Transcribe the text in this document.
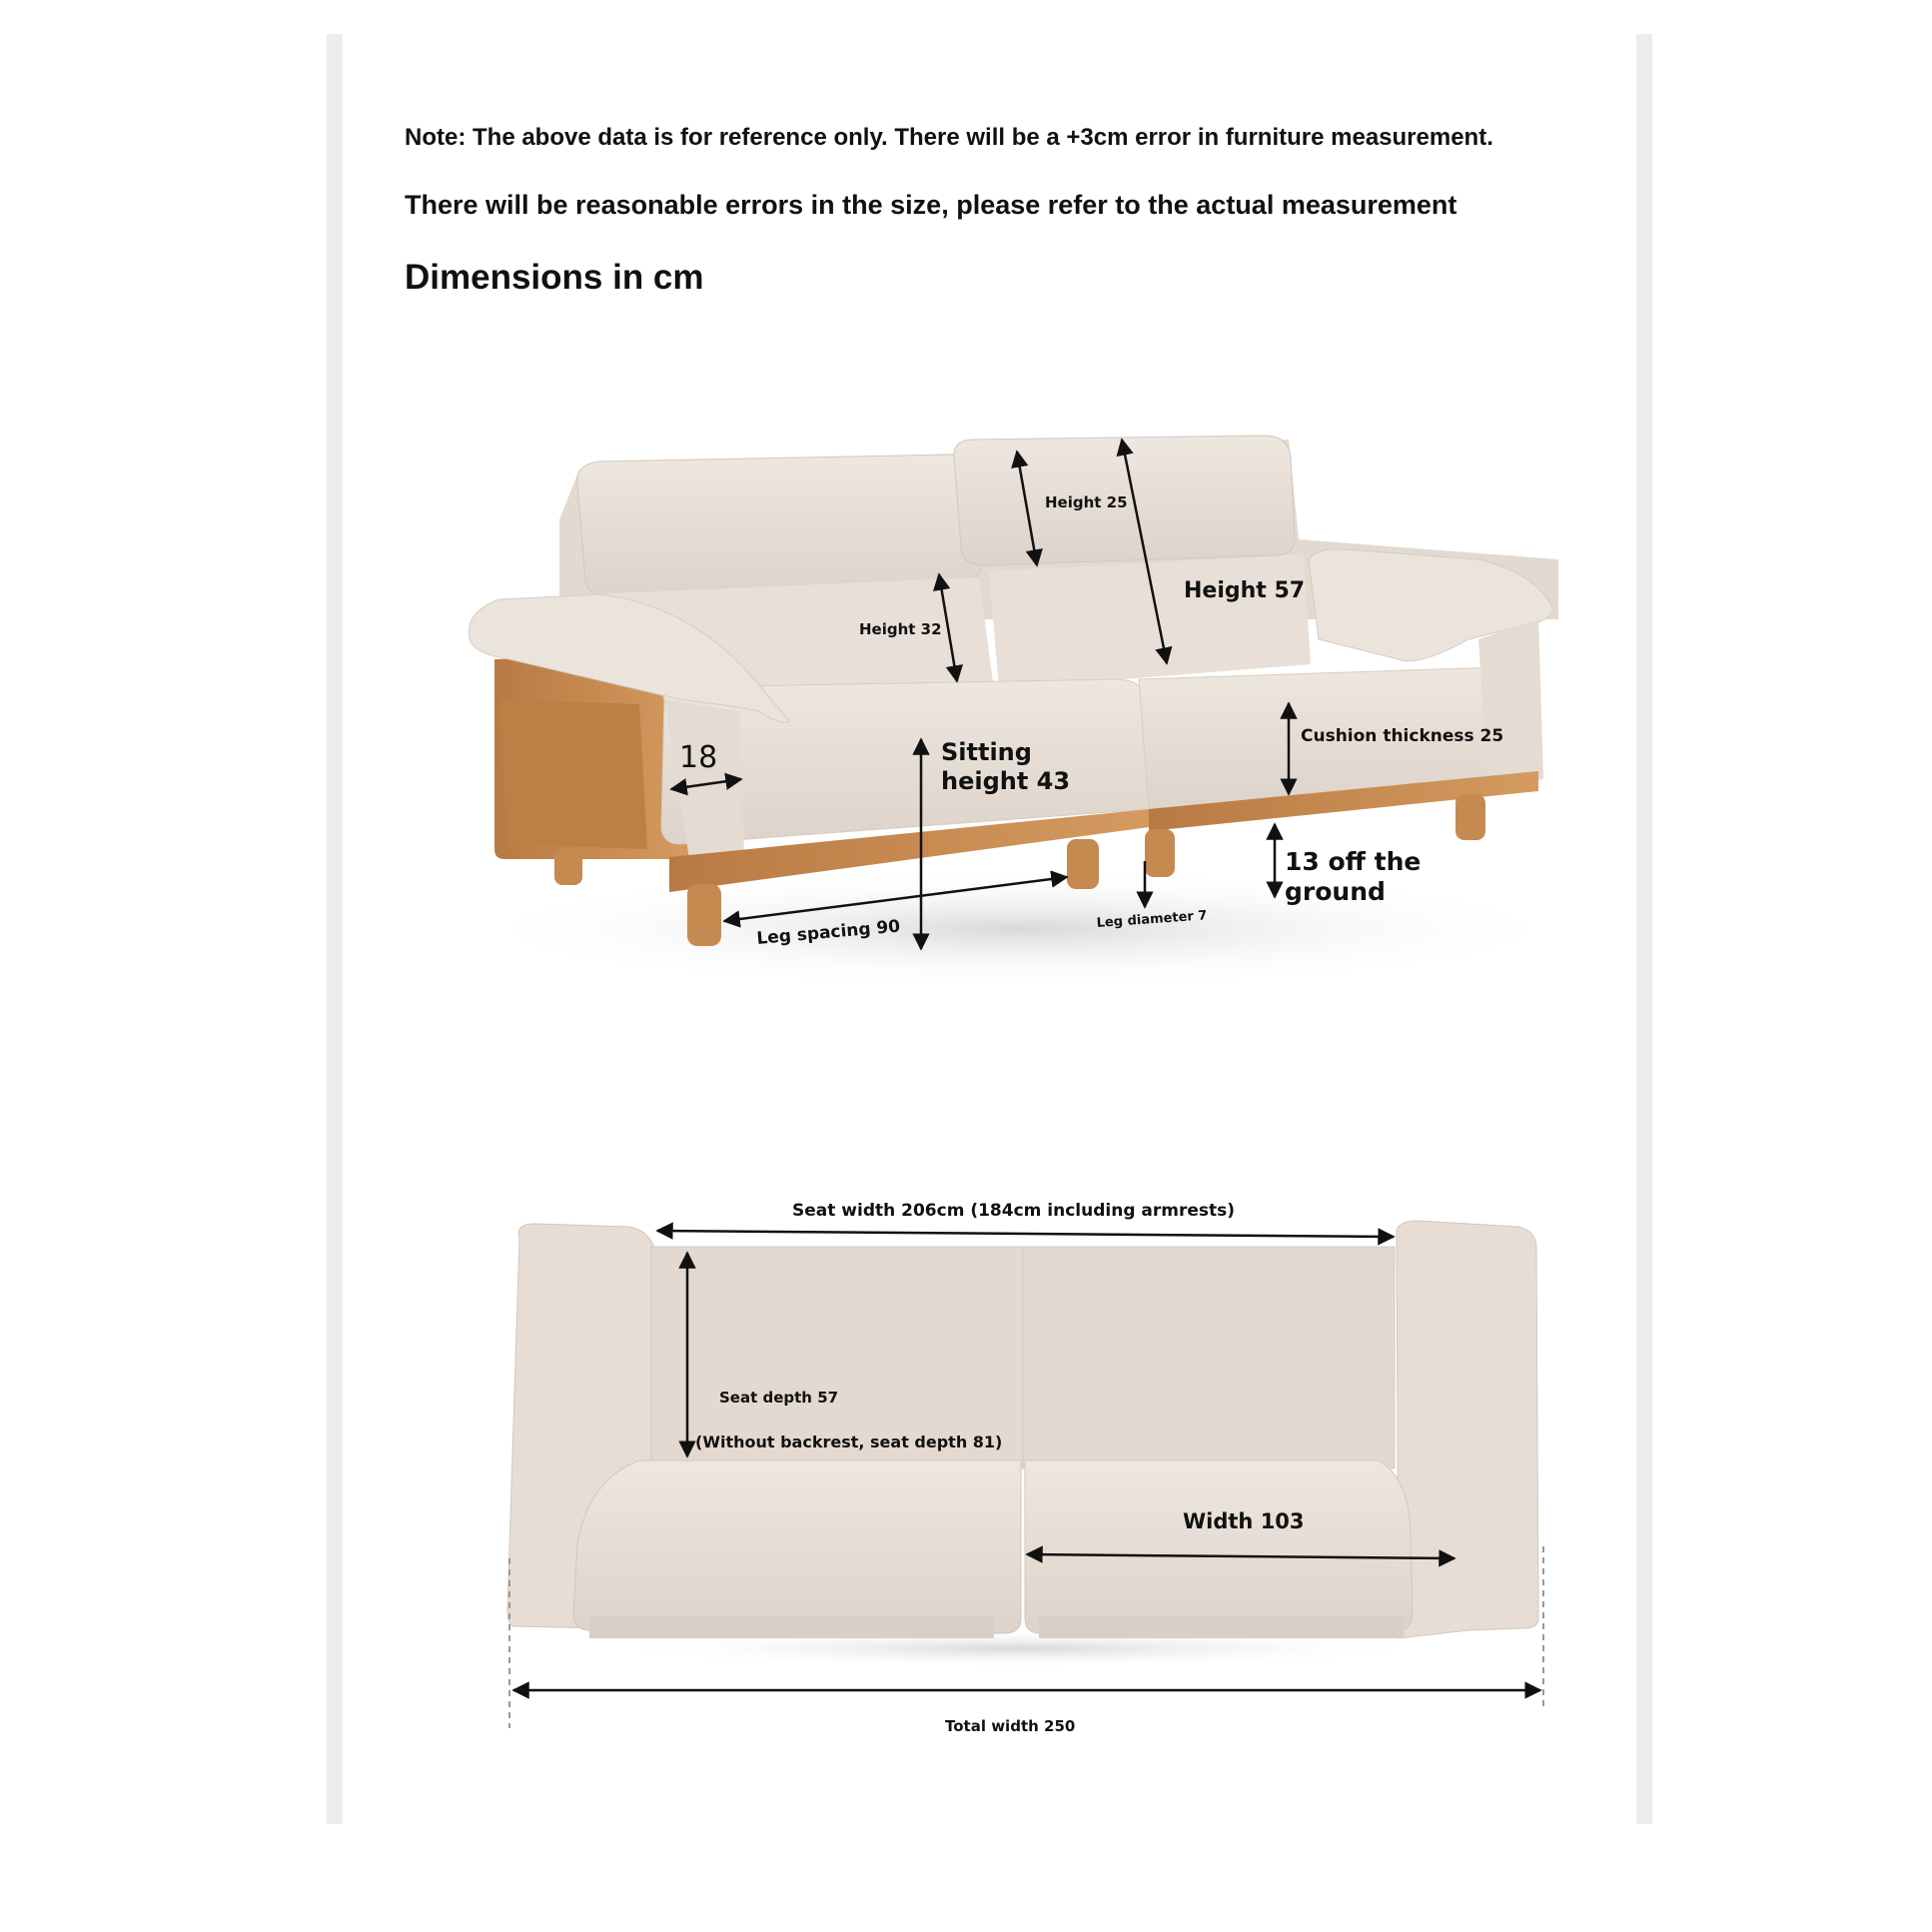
Note: The above data is for reference only. There will be a +3cm error in furniture measurement.
There will be reasonable errors in the size, please refer to the actual measurement
Dimensions in cm
Height 25
Height 57
Height 32
18	Sitting
height 43
Cushion thickness 25
13 off the
ground
Leg spacing 90	Leg diameter 7
Seat width 206cm (184cm including armrests)
Seat depth 57
(Without backrest, seat depth 81)
Width 103
Total width 250
